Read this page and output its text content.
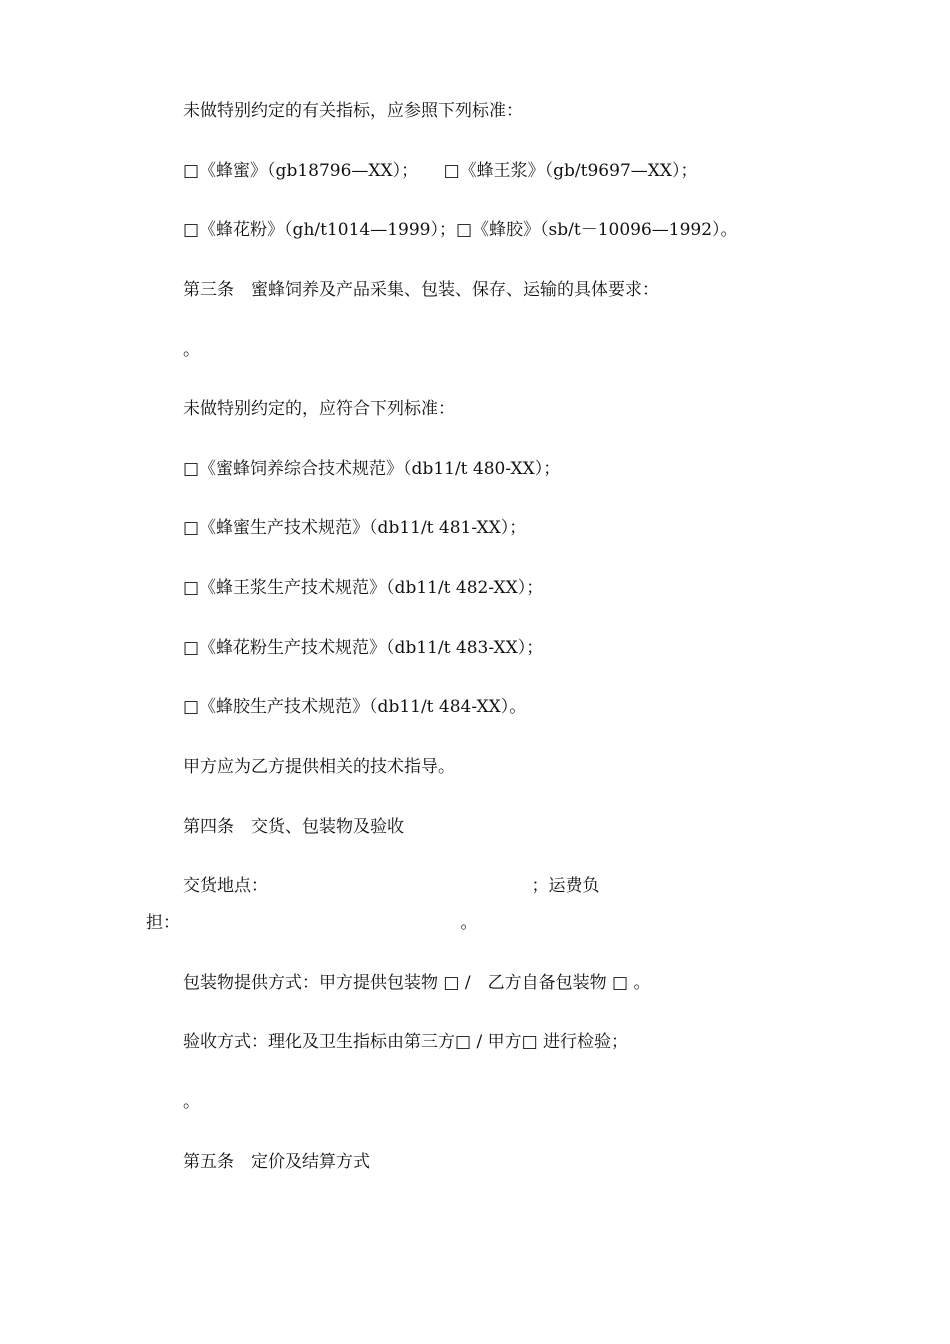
未做特别约定的有关指标，应参照下列标准：
□《蜂蜜》（gb18796—XX）；　　□《蜂王浆》（gb/t9697—XX）；
□《蜂花粉》（gh/t1014—1999）；□《蜂胶》（sb/t－10096—1992）。
第三条　蜜蜂饲养及产品采集、包装、保存、运输的具体要求：
。
未做特别约定的，应符合下列标准：
□《蜜蜂饲养综合技术规范》（db11/t 480-XX）；
□《蜂蜜生产技术规范》（db11/t 481-XX）；
□《蜂王浆生产技术规范》（db11/t 482-XX）；
□《蜂花粉生产技术规范》（db11/t 483-XX）；
□《蜂胶生产技术规范》（db11/t 484-XX）。
甲方应为乙方提供相关的技术指导。
第四条　交货、包装物及验收
交货地点：　　　　　　　　　　　　　　　　；运费负
担：　　　　　　　　　　　　　　　　　。
包装物提供方式：甲方提供包装物 □ /　乙方自备包装物 □ 。
验收方式：理化及卫生指标由第三方□ / 甲方□ 进行检验；
。
第五条　定价及结算方式
